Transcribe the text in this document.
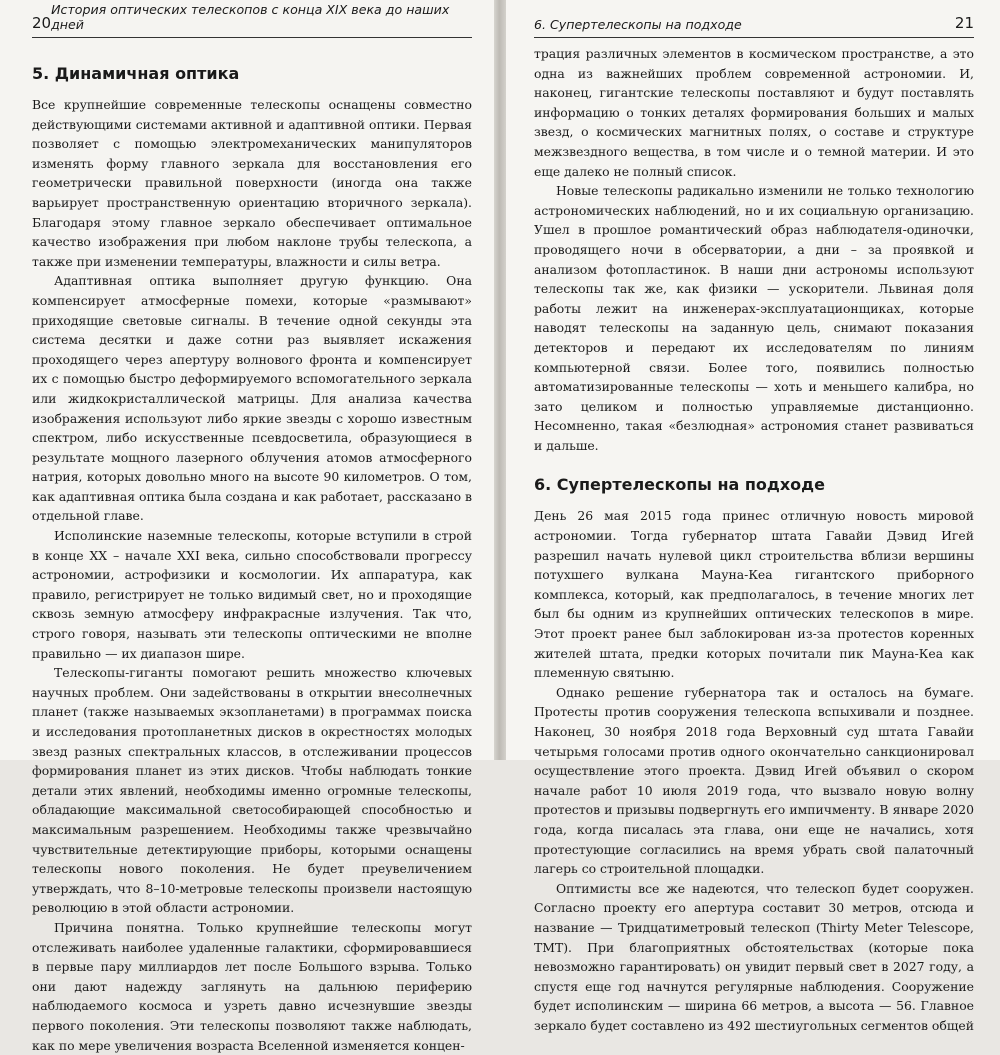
20
История оптических телескопов с конца XIX века до наших дней
5. Динамичная оптика

Все крупнейшие современные телескопы оснащены совместно действующими системами активной и адаптивной оптики. Первая позволяет с помощью электромеханических манипуляторов изменять форму главного зеркала для восстановления его геометрически правильной поверхности (иногда она также варьирует пространственную ориентацию вторичного зеркала). Благодаря этому главное зеркало обеспечивает оптимальное качество изображения при любом наклоне трубы телескопа, а также при изменении температуры, влажности и силы ветра.

Адаптивная оптика выполняет другую функцию. Она компенсирует атмосферные помехи, которые «размывают» приходящие световые сигналы. В течение одной секунды эта система десятки и даже сотни раз выявляет искажения проходящего через апертуру волнового фронта и компенсирует их с помощью быстро деформируемого вспомогательного зеркала или жидкокристаллической матрицы. Для анализа качества изображения используют либо яркие звезды с хорошо известным спектром, либо искусственные псевдосветила, образующиеся в результате мощного лазерного облучения атомов атмосферного натрия, которых довольно много на высоте 90 километров. О том, как адаптивная оптика была создана и как работает, рассказано в отдельной главе.

Исполинские наземные телескопы, которые вступили в строй в конце XX – начале XXI века, сильно способствовали прогрессу астрономии, астрофизики и космологии. Их аппаратура, как правило, регистрирует не только видимый свет, но и проходящие сквозь земную атмосферу инфракрасные излучения. Так что, строго говоря, называть эти телескопы оптическими не вполне правильно — их диапазон шире.

Телескопы-гиганты помогают решить множество ключевых научных проблем. Они задействованы в открытии внесолнечных планет (также называемых экзопланетами) в программах поиска и исследования протопланетных дисков в окрестностях молодых звезд разных спектральных классов, в отслеживании процессов формирования планет из этих дисков. Чтобы наблюдать тонкие детали этих явлений, необходимы именно огромные телескопы, обладающие максимальной светособирающей способностью и максимальным разрешением. Необходимы также чрезвычайно чувствительные детектирующие приборы, которыми оснащены телескопы нового поколения. Не будет преувеличением утверждать, что 8–10-метровые телескопы произвели настоящую революцию в этой области астрономии.

Причина понятна. Только крупнейшие телескопы могут отслеживать наиболее удаленные галактики, сформировавшиеся в первые пару миллиардов лет после Большого взрыва. Только они дают надежду заглянуть на дальнюю периферию наблюдаемого космоса и узреть давно исчезнувшие звезды первого поколения. Эти телескопы позволяют также наблюдать, как по мере увеличения возраста Вселенной изменяется концен-

6. Супертелескопы на подходе	21

трация различных элементов в космическом пространстве, а это одна из важнейших проблем современной астрономии. И, наконец, гигантские телескопы поставляют и будут поставлять информацию о тонких деталях формирования больших и малых звезд, о космических магнитных полях, о составе и структуре межзвездного вещества, в том числе и о темной материи. И это еще далеко не полный список.

Новые телескопы радикально изменили не только технологию астрономических наблюдений, но и их социальную организацию. Ушел в прошлое романтический образ наблюдателя-одиночки, проводящего ночи в обсерватории, а дни – за проявкой и анализом фотопластинок. В наши дни астрономы используют телескопы так же, как физики — ускорители. Львиная доля работы лежит на инженерах-эксплуатационщиках, которые наводят телескопы на заданную цель, снимают показания детекторов и передают их исследователям по линиям компьютерной связи. Более того, появились полностью автоматизированные телескопы — хоть и меньшего калибра, но зато целиком и полностью управляемые дистанционно. Несомненно, такая «безлюдная» астрономия станет развиваться и дальше.

6. Супертелескопы на подходе

День 26 мая 2015 года принес отличную новость мировой астрономии. Тогда губернатор штата Гавайи Дэвид Игей разрешил начать нулевой цикл строительства вблизи вершины потухшего вулкана Мауна-Кеа гигантского приборного комплекса, который, как предполагалось, в течение многих лет был бы одним из крупнейших оптических телескопов в мире. Этот проект ранее был заблокирован из-за протестов коренных жителей штата, предки которых почитали пик Мауна-Кеа как племенную святыню.

Однако решение губернатора так и осталось на бумаге. Протесты против сооружения телескопа вспыхивали и позднее. Наконец, 30 ноября 2018 года Верховный суд штата Гавайи четырьмя голосами против одного окончательно санкционировал осуществление этого проекта. Дэвид Игей объявил о скором начале работ 10 июля 2019 года, что вызвало новую волну протестов и призывы подвергнуть его импичменту. В январе 2020 года, когда писалась эта глава, они еще не начались, хотя протестующие согласились на время убрать свой палаточный лагерь со строительной площадки.

Оптимисты все же надеются, что телескоп будет сооружен. Согласно проекту его апертура составит 30 метров, отсюда и название — Тридцатиметровый телескоп (Thirty Meter Telescope, TMT). При благоприятных обстоятельствах (которые пока невозможно гарантировать) он увидит первый свет в 2027 году, а спустя еще год начнутся регулярные наблюдения. Сооружение будет исполинским — ширина 66 метров, а высота — 56. Главное зеркало будет составлено из 492 шестиугольных сегментов общей
